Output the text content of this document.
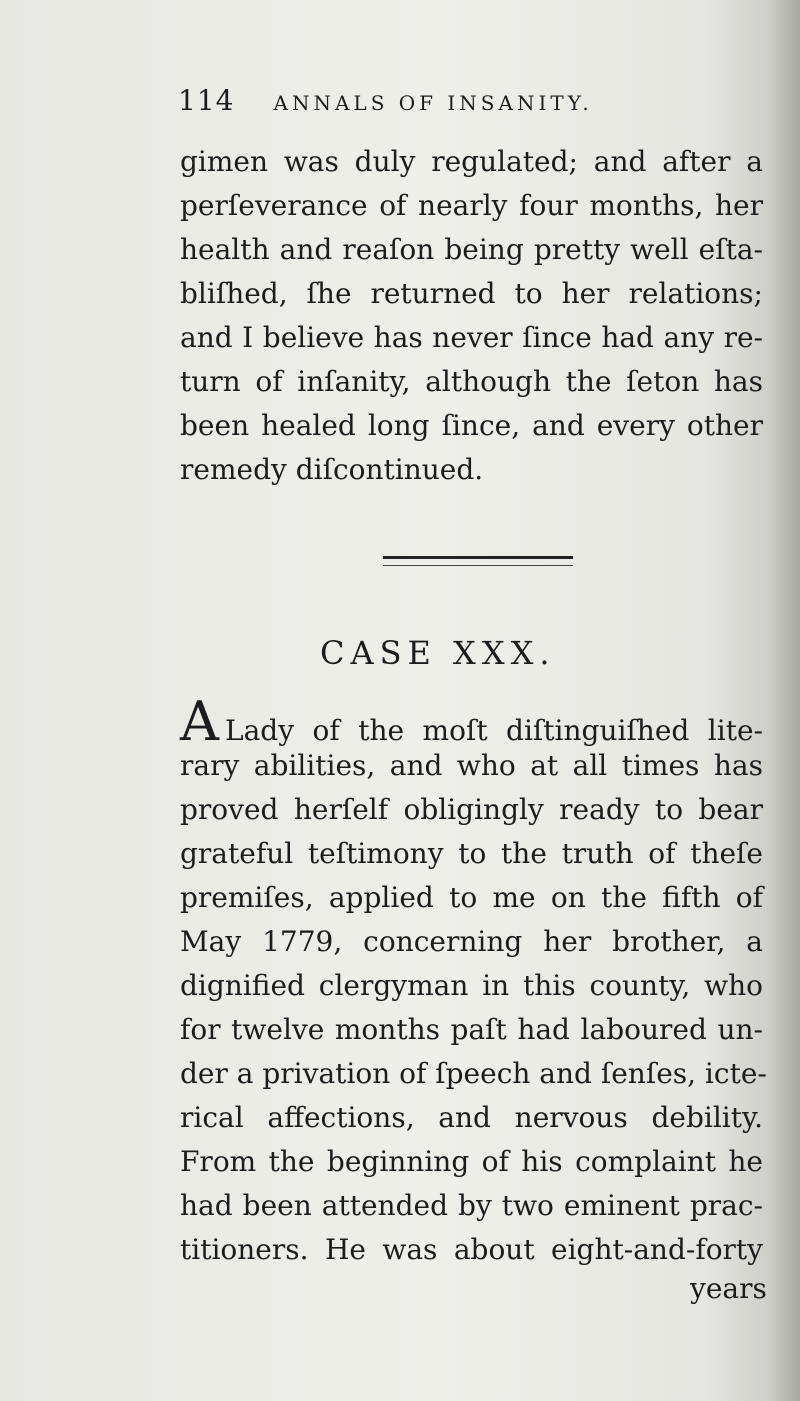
114 ANNALS OF INSANITY.
gimen was duly regulated; and after a
perſeverance of nearly four months, her
health and reaſon being pretty well eſta-
bliſhed, ſhe returned to her relations;
and I believe has never ſince had any re-
turn of inſanity, although the ſeton has
been healed long ſince, and every other
remedy diſcontinued.
CASE XXX.
A Lady of the moſt diſtinguiſhed lite-
rary abilities, and who at all times has
proved herſelf obligingly ready to bear
grateful teſtimony to the truth of theſe
premiſes, applied to me on the fifth of
May 1779, concerning her brother, a
dignified clergyman in this county, who
for twelve months paſt had laboured un-
der a privation of ſpeech and ſenſes, icte-
rical affections, and nervous debility.
From the beginning of his complaint he
had been attended by two eminent prac-
titioners. He was about eight-and-forty
years
